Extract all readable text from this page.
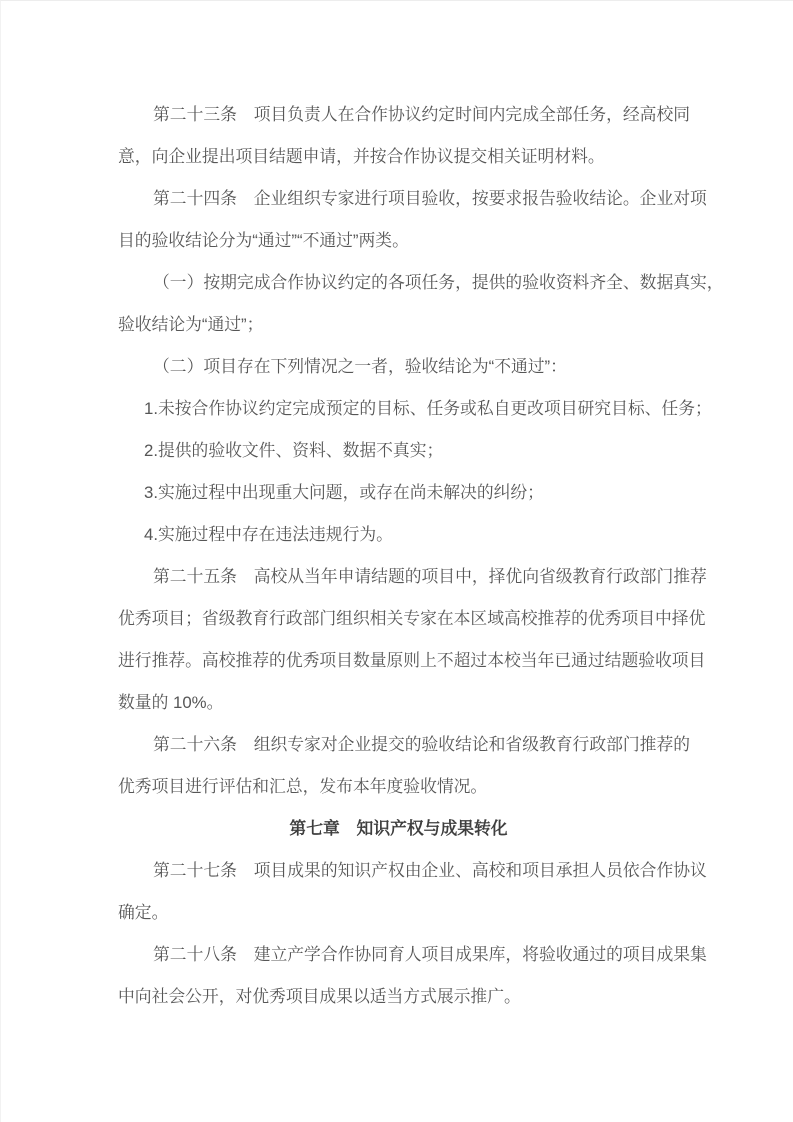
第二十三条　项目负责人在合作协议约定时间内完成全部任务，经高校同
意，向企业提出项目结题申请，并按合作协议提交相关证明材料。
第二十四条　企业组织专家进行项目验收，按要求报告验收结论。企业对项
目的验收结论分为“通过”“不通过”两类。
（一）按期完成合作协议约定的各项任务，提供的验收资料齐全、数据真实，
验收结论为“通过”；
（二）项目存在下列情况之一者，验收结论为“不通过”：
1.未按合作协议约定完成预定的目标、任务或私自更改项目研究目标、任务；
2.提供的验收文件、资料、数据不真实；
3.实施过程中出现重大问题，或存在尚未解决的纠纷；
4.实施过程中存在违法违规行为。
第二十五条　高校从当年申请结题的项目中，择优向省级教育行政部门推荐
优秀项目；省级教育行政部门组织相关专家在本区域高校推荐的优秀项目中择优
进行推荐。高校推荐的优秀项目数量原则上不超过本校当年已通过结题验收项目
数量的 10%。
第二十六条　组织专家对企业提交的验收结论和省级教育行政部门推荐的
优秀项目进行评估和汇总，发布本年度验收情况。
第七章　知识产权与成果转化
第二十七条　项目成果的知识产权由企业、高校和项目承担人员依合作协议
确定。
第二十八条　建立产学合作协同育人项目成果库，将验收通过的项目成果集
中向社会公开，对优秀项目成果以适当方式展示推广。
